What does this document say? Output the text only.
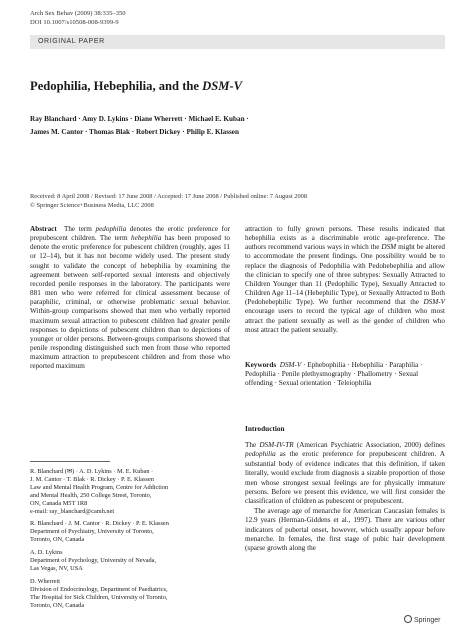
Arch Sex Behav (2009) 38:335–350
DOI 10.1007/s10508-008-9399-9
ORIGINAL PAPER
Pedophilia, Hebephilia, and the DSM-V
Ray Blanchard · Amy D. Lykins · Diane Wherrett · Michael E. Kuban ·
James M. Cantor · Thomas Blak · Robert Dickey · Philip E. Klassen
Received: 8 April 2008 / Revised: 17 June 2008 / Accepted: 17 June 2008 / Published online: 7 August 2008
© Springer Science+Business Media, LLC 2008

Abstract The term pedophilia denotes the erotic preference for prepubescent children. The term hebephilia has been proposed to denote the erotic preference for pubescent children (roughly, ages 11 or 12–14), but it has not become widely used. The present study sought to validate the concept of hebephilia by examining the agreement between self-reported sexual interests and objectively recorded penile responses in the laboratory. The participants were 881 men who were referred for clinical assessment because of paraphilic, criminal, or otherwise problematic sexual behavior. Within-group comparisons showed that men who verbally reported maximum sexual attraction to pubescent children had greater penile responses to depictions of pubescent children than to depictions of younger or older persons. Between-groups comparisons showed that penile responding distinguished such men from those who reported maximum attraction to prepubescent children and from those who reported maximum

attraction to fully grown persons. These results indicated that hebephilia exists as a discriminable erotic age-preference. The authors recommend various ways in which the DSM might be altered to accommodate the present findings. One possibility would be to replace the diagnosis of Pedophilia with Pedohebephilia and allow the clinician to specify one of three subtypes: Sexually Attracted to Children Younger than 11 (Pedophilic Type), Sexually Attracted to Children Age 11–14 (Hebephilic Type), or Sexually Attracted to Both (Pedohebephilic Type). We further recommend that the DSM-V encourage users to record the typical age of children who most attract the patient sexually as well as the gender of children who most attract the patient sexually.

Keywords DSM-V · Ephebophilia · Hebephilia · Paraphilia · Pedophilia · Penile plethysmography · Phallometry · Sexual offending · Sexual orientation · Teleiophilia
R. Blanchard (✉) · A. D. Lykins · M. E. Kuban ·
J. M. Cantor · T. Blak · R. Dickey · P. E. Klassen
Law and Mental Health Program, Centre for Addiction
and Mental Health, 250 College Street, Toronto,
ON, Canada M5T 1R8
e-mail: ray_blanchard@camh.net
R. Blanchard · J. M. Cantor · R. Dickey · P. E. Klassen
Department of Psychiatry, University of Toronto,
Toronto, ON, Canada
A. D. Lykins
Department of Psychology, University of Nevada,
Las Vegas, NV, USA
D. Wherrett
Division of Endocrinology, Department of Paediatrics,
The Hospital for Sick Children, University of Toronto,
Toronto, ON, Canada
Introduction

The DSM-IV-TR (American Psychiatric Association, 2000) defines pedophilia as the erotic preference for prepubescent children. A substantial body of evidence indicates that this definition, if taken literally, would exclude from diagnosis a sizable proportion of those men whose strongest sexual feelings are for physically immature persons. Before we present this evidence, we will first consider the classification of children as pubescent or prepubescent.

The average age of menarche for American Caucasian females is 12.9 years (Herman-Giddens et al., 1997). There are various other indicators of pubertal onset, however, which usually appear before menarche. In females, the first stage of pubic hair development (sparse growth along the

Springer
